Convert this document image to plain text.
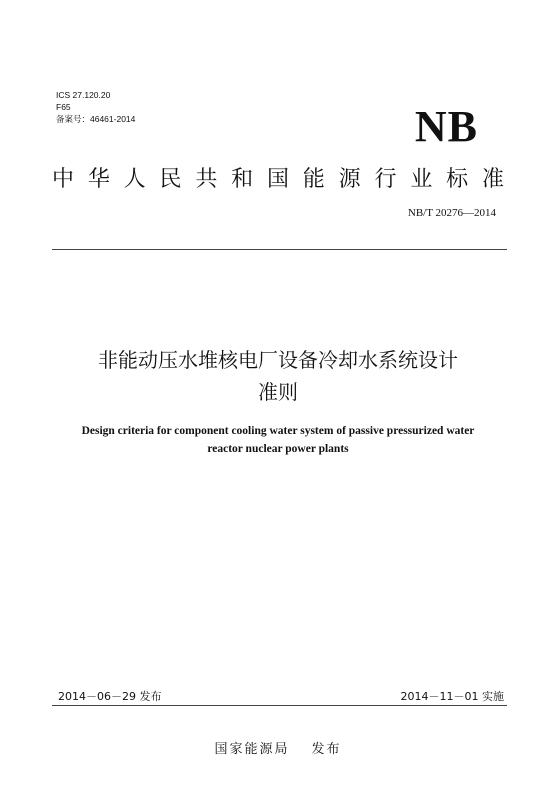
ICS 27.120.20
F65
备案号：46461-2014	NB
中华人民共和国能源行业标准
NB/T 20276—2014
非能动压水堆核电厂设备冷却水系统设计
准则
Design criteria for component cooling water system of passive pressurized water
reactor nuclear power plants
2014－06－29 发布	2014－11－01 实施
国家能源局 发布
